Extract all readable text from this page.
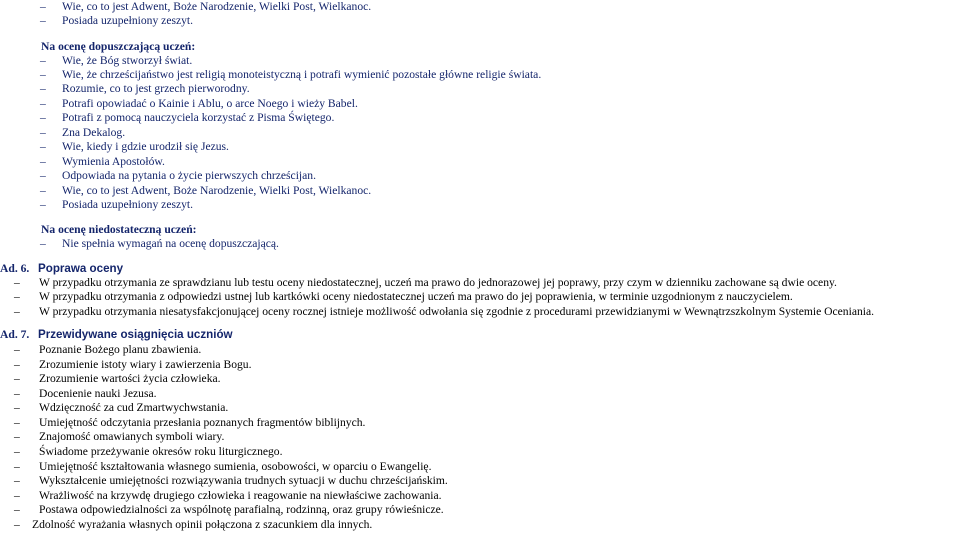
– Wie, co to jest Adwent, Boże Narodzenie, Wielki Post, Wielkanoc.
– Posiada uzupełniony zeszyt.
Na ocenę dopuszczającą uczeń:
– Wie, że Bóg stworzył świat.
– Wie, że chrześcijaństwo jest religią monoteistyczną i potrafi wymienić pozostałe główne religie świata.
– Rozumie, co to jest grzech pierworodny.
– Potrafi opowiadać o Kainie i Ablu, o arce Noego i wieży Babel.
– Potrafi z pomocą nauczyciela korzystać z Pisma Świętego.
– Zna Dekalog.
– Wie, kiedy i gdzie urodził się Jezus.
– Wymienia Apostołów.
– Odpowiada na pytania o życie pierwszych chrześcijan.
– Wie, co to jest Adwent, Boże Narodzenie, Wielki Post, Wielkanoc.
– Posiada uzupełniony zeszyt.
Na ocenę niedostateczną uczeń:
– Nie spełnia wymagań na ocenę dopuszczającą.
Ad. 6. Poprawa oceny
– W przypadku otrzymania ze sprawdzianu lub testu oceny niedostatecznej, uczeń ma prawo do jednorazowej jej poprawy, przy czym w dzienniku zachowane są dwie oceny.
– W przypadku otrzymania z odpowiedzi ustnej lub kartkówki oceny niedostatecznej uczeń ma prawo do jej poprawienia, w terminie uzgodnionym z nauczycielem.
– W przypadku otrzymania niesatysfakcjonującej oceny rocznej istnieje możliwość odwołania się zgodnie z procedurami przewidzianymi w Wewnątrzszkolnym Systemie Oceniania.
Ad. 7. Przewidywane osiągnięcia uczniów
– Poznanie Bożego planu zbawienia.
– Zrozumienie istoty wiary i zawierzenia Bogu.
– Zrozumienie wartości życia człowieka.
– Docenienie nauki Jezusa.
– Wdzięczność za cud Zmartwychwstania.
– Umiejętność odczytania przesłania poznanych fragmentów biblijnych.
– Znajomość omawianych symboli wiary.
– Świadome przeżywanie okresów roku liturgicznego.
– Umiejętność kształtowania własnego sumienia, osobowości, w oparciu o Ewangelię.
– Wykształcenie umiejętności rozwiązywania trudnych sytuacji w duchu chrześcijańskim.
– Wrażliwość na krzywdę drugiego człowieka i reagowanie na niewłaściwe zachowania.
– Postawa odpowiedzialności za wspólnotę parafialną, rodzinną, oraz grupy rówieśnicze.
– Zdolność wyrażania własnych opinii połączona z szacunkiem dla innych.
